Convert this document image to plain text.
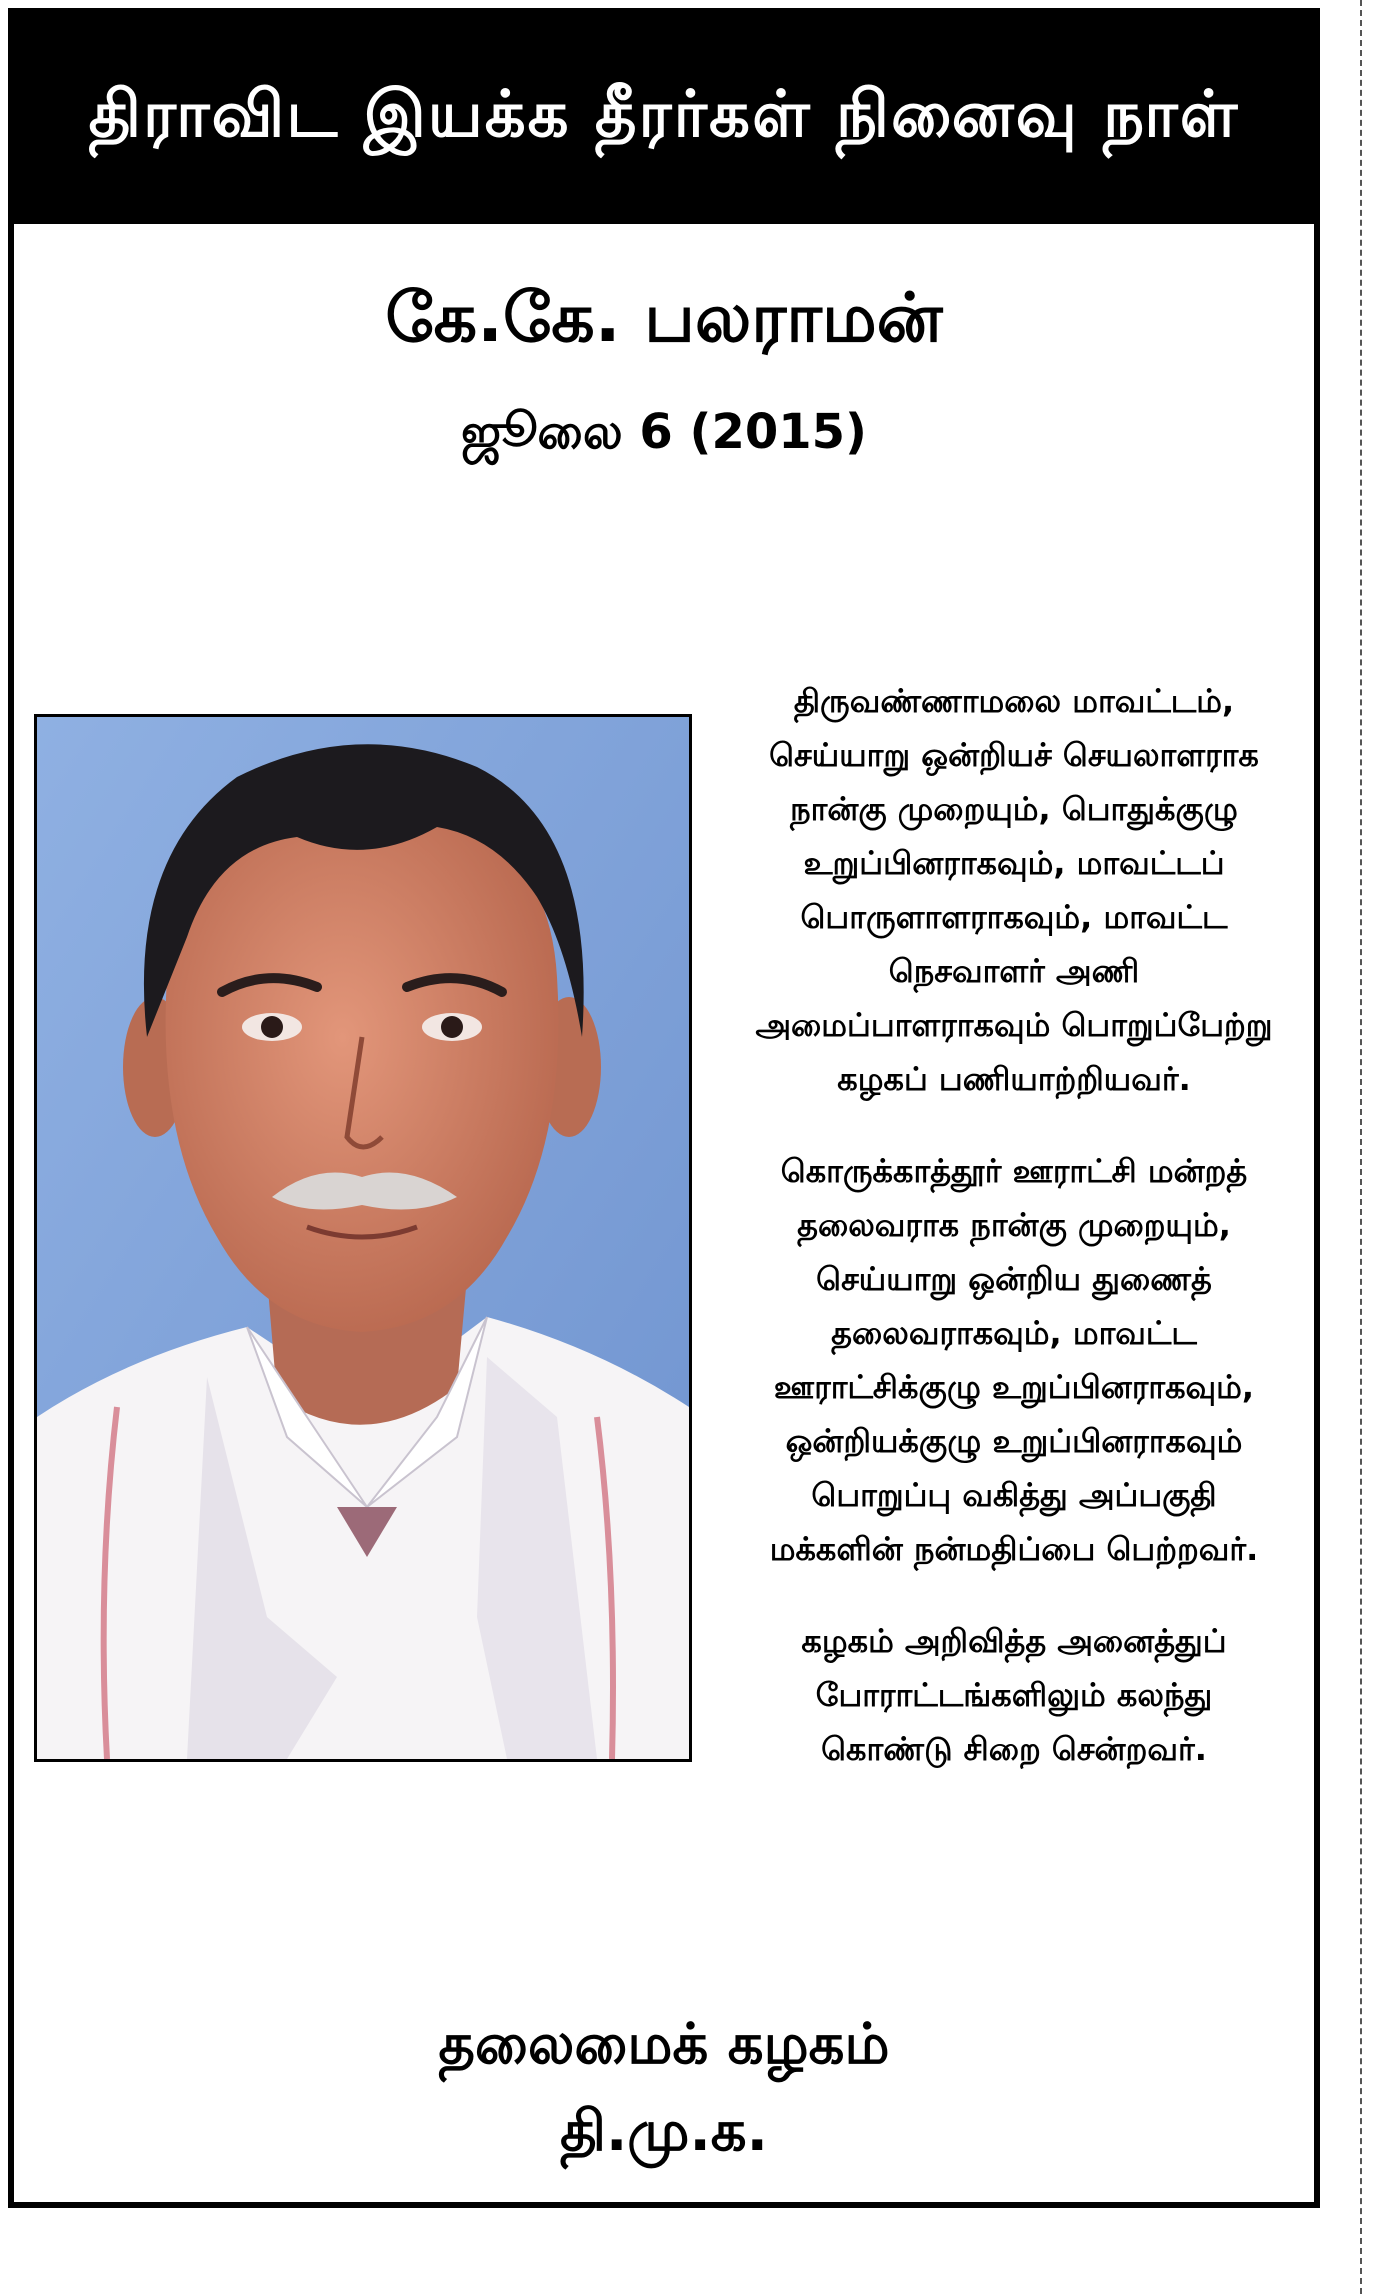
திராவிட இயக்க தீரர்கள் நினைவு நாள்
கே.கே. பலராமன்
ஜூலை 6 (2015)

திருவண்ணாமலை மாவட்டம்,
செய்யாறு ஒன்றியச் செயலாளராக
நான்கு முறையும், பொதுக்குழு
உறுப்பினராகவும், மாவட்டப்
பொருளாளராகவும், மாவட்ட
நெசவாளர் அணி
அமைப்பாளராகவும் பொறுப்பேற்று
கழகப் பணியாற்றியவர்.

கொருக்காத்தூர் ஊராட்சி மன்றத்
தலைவராக நான்கு முறையும்,
செய்யாறு ஒன்றிய துணைத்
தலைவராகவும், மாவட்ட
ஊராட்சிக்குழு உறுப்பினராகவும்,
ஒன்றியக்குழு உறுப்பினராகவும்
பொறுப்பு வகித்து அப்பகுதி
மக்களின் நன்மதிப்பை பெற்றவர்.

கழகம் அறிவித்த அனைத்துப்
போராட்டங்களிலும் கலந்து
கொண்டு சிறை சென்றவர்.

தலைமைக் கழகம்
தி.மு.க.
